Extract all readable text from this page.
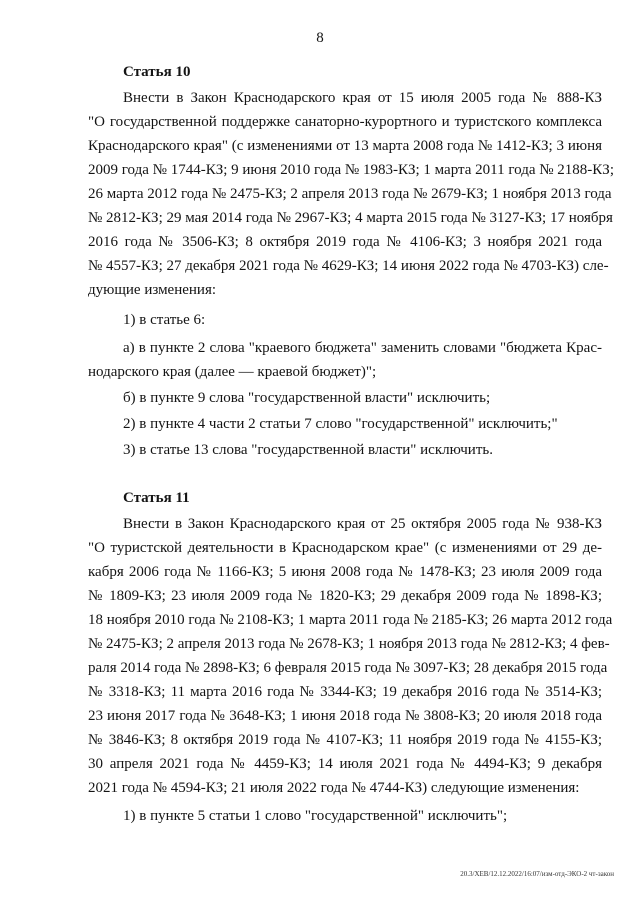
8
Статья 10
Внести в Закон Краснодарского края от 15 июля 2005 года № 888-КЗ
"О государственной поддержке санаторно-курортного и туристского комплекса
Краснодарского края" (с изменениями от 13 марта 2008 года № 1412-КЗ; 3 июня
2009 года № 1744-КЗ; 9 июня 2010 года № 1983-КЗ; 1 марта 2011 года № 2188-КЗ;
26 марта 2012 года № 2475-КЗ; 2 апреля 2013 года № 2679-КЗ; 1 ноября 2013 года
№ 2812-КЗ; 29 мая 2014 года № 2967-КЗ; 4 марта 2015 года № 3127-КЗ; 17 ноября
2016 года № 3506-КЗ; 8 октября 2019 года № 4106-КЗ; 3 ноября 2021 года
№ 4557-КЗ; 27 декабря 2021 года № 4629-КЗ; 14 июня 2022 года № 4703-КЗ) сле-
дующие изменения:
1) в статье 6:
а) в пункте 2 слова "краевого бюджета" заменить словами "бюджета Крас-
нодарского края (далее — краевой бюджет)";
б) в пункте 9 слова "государственной власти" исключить;
2) в пункте 4 части 2 статьи 7 слово "государственной" исключить;"
3) в статье 13 слова "государственной власти" исключить.
Статья 11
Внести в Закон Краснодарского края от 25 октября 2005 года № 938-КЗ
"О туристской деятельности в Краснодарском крае" (с изменениями от 29 де-
кабря 2006 года № 1166-КЗ; 5 июня 2008 года № 1478-КЗ; 23 июля 2009 года
№ 1809-КЗ; 23 июля 2009 года № 1820-КЗ; 29 декабря 2009 года № 1898-КЗ;
18 ноября 2010 года № 2108-КЗ; 1 марта 2011 года № 2185-КЗ; 26 марта 2012 года
№ 2475-КЗ; 2 апреля 2013 года № 2678-КЗ; 1 ноября 2013 года № 2812-КЗ; 4 фев-
раля 2014 года № 2898-КЗ; 6 февраля 2015 года № 3097-КЗ; 28 декабря 2015 года
№ 3318-КЗ; 11 марта 2016 года № 3344-КЗ; 19 декабря 2016 года № 3514-КЗ;
23 июня 2017 года № 3648-КЗ; 1 июня 2018 года № 3808-КЗ; 20 июля 2018 года
№ 3846-КЗ; 8 октября 2019 года № 4107-КЗ; 11 ноября 2019 года № 4155-КЗ;
30 апреля 2021 года № 4459-КЗ; 14 июля 2021 года № 4494-КЗ; 9 декабря
2021 года № 4594-КЗ; 21 июля 2022 года № 4744-КЗ) следующие изменения:
1) в пункте 5 статьи 1 слово "государственной" исключить";
20.3/ХЕВ/12.12.2022/16:07/изм-отд-ЭКО-2 чт-закон
